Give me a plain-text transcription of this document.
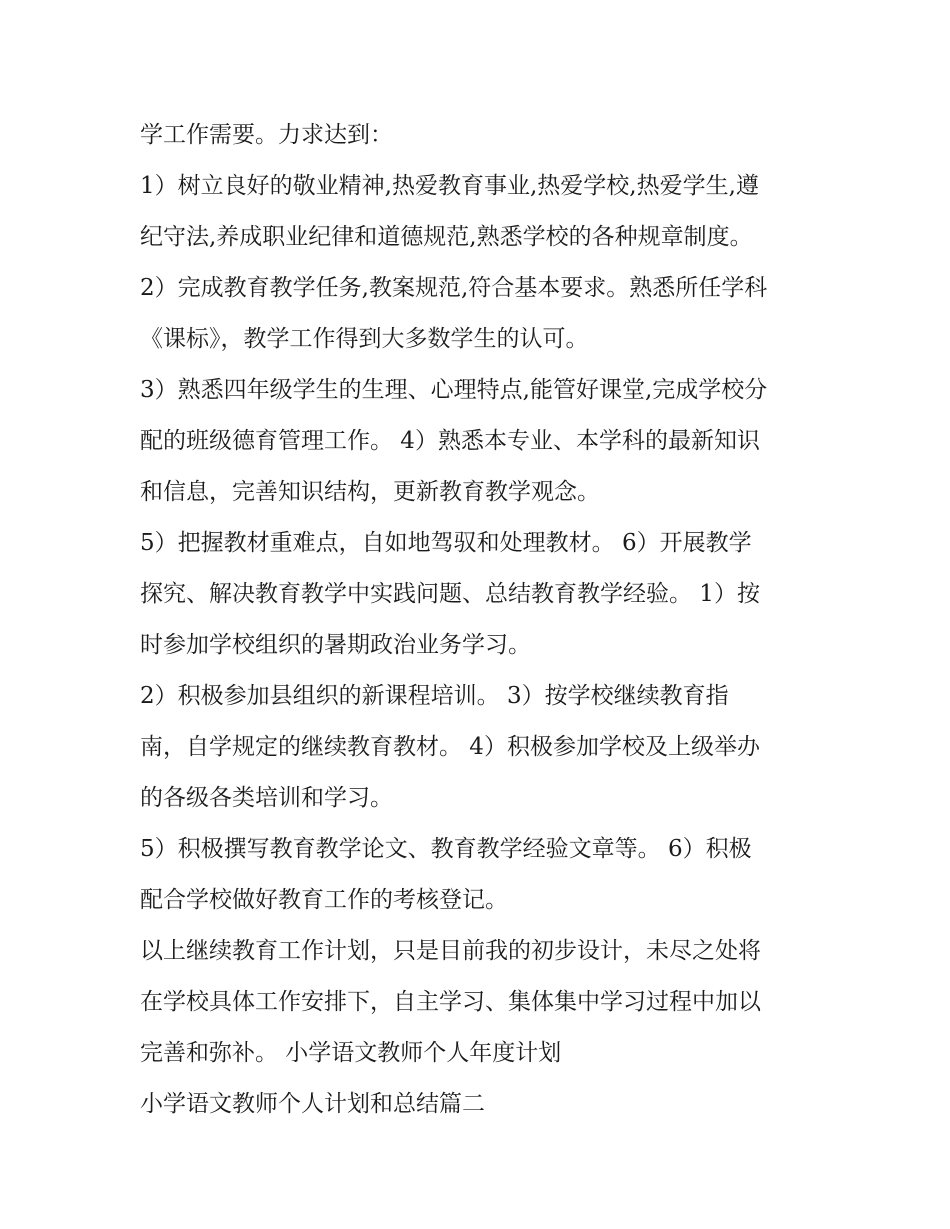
学工作需要。力求达到：
1）树立良好的敬业精神,热爱教育事业,热爱学校,热爱学生,遵
纪守法,养成职业纪律和道德规范,熟悉学校的各种规章制度。
2）完成教育教学任务,教案规范,符合基本要求。熟悉所任学科
《课标》，教学工作得到大多数学生的认可。
3）熟悉四年级学生的生理、心理特点,能管好课堂,完成学校分
配的班级德育管理工作。 4）熟悉本专业、本学科的最新知识
和信息，完善知识结构，更新教育教学观念。
5）把握教材重难点，自如地驾驭和处理教材。 6）开展教学
探究、解决教育教学中实践问题、总结教育教学经验。 1）按
时参加学校组织的暑期政治业务学习。
2）积极参加县组织的新课程培训。 3）按学校继续教育指
南，自学规定的继续教育教材。 4）积极参加学校及上级举办
的各级各类培训和学习。
5）积极撰写教育教学论文、教育教学经验文章等。 6）积极
配合学校做好教育工作的考核登记。
以上继续教育工作计划，只是目前我的初步设计，未尽之处将
在学校具体工作安排下，自主学习、集体集中学习过程中加以
完善和弥补。 小学语文教师个人年度计划
小学语文教师个人计划和总结篇二
